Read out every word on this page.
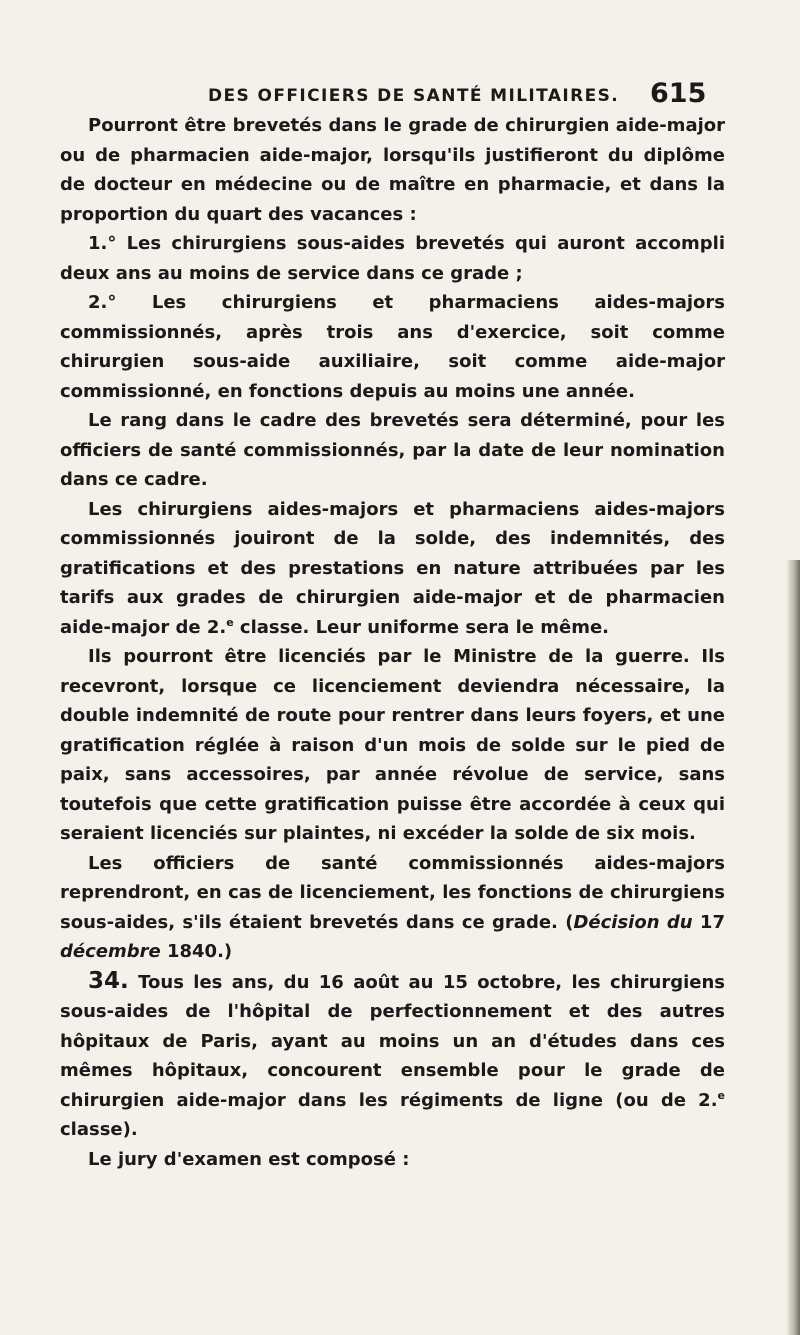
DES OFFICIERS DE SANTÉ MILITAIRES. 615

Pourront être brevetés dans le grade de chirurgien aide-major ou de pharmacien aide-major, lorsqu'ils justifieront du diplôme de docteur en médecine ou de maître en pharmacie, et dans la proportion du quart des vacances :

1.° Les chirurgiens sous-aides brevetés qui auront accompli deux ans au moins de service dans ce grade ;

2.° Les chirurgiens et pharmaciens aides-majors commissionnés, après trois ans d'exercice, soit comme chirurgien sous-aide auxiliaire, soit comme aide-major commissionné, en fonctions depuis au moins une année.

Le rang dans le cadre des brevetés sera déterminé, pour les officiers de santé commissionnés, par la date de leur nomination dans ce cadre.

Les chirurgiens aides-majors et pharmaciens aides-majors commissionnés jouiront de la solde, des indemnités, des gratifications et des prestations en nature attribuées par les tarifs aux grades de chirurgien aide-major et de pharmacien aide-major de 2.$^e$ classe. Leur uniforme sera le même.

Ils pourront être licenciés par le Ministre de la guerre. Ils recevront, lorsque ce licenciement deviendra nécessaire, la double indemnité de route pour rentrer dans leurs foyers, et une gratification réglée à raison d'un mois de solde sur le pied de paix, sans accessoires, par année révolue de service, sans toutefois que cette gratification puisse être accordée à ceux qui seraient licenciés sur plaintes, ni excéder la solde de six mois.

Les officiers de santé commissionnés aides-majors reprendront, en cas de licenciement, les fonctions de chirurgiens sous-aides, s'ils étaient brevetés dans ce grade. (Décision du 17 décembre 1840.)

34. Tous les ans, du 16 août au 15 octobre, les chirurgiens sous-aides de l'hôpital de perfectionnement et des autres hôpitaux de Paris, ayant au moins un an d'études dans ces mêmes hôpitaux, concourent ensemble pour le grade de chirurgien aide-major dans les régiments de ligne (ou de 2.$^e$ classe).

Le jury d'examen est composé :
